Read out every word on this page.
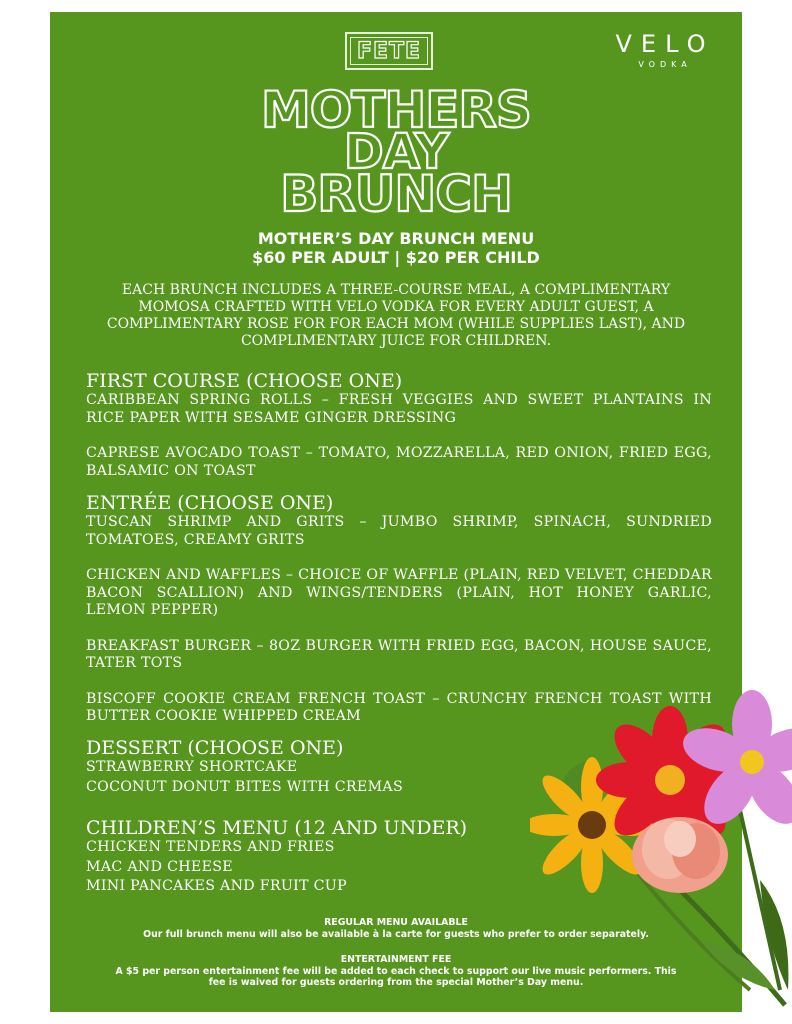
FETE	VELO
VODKA
MOTHERS
DAY
BRUNCH
MOTHER’S DAY BRUNCH MENU
$60 PER ADULT | $20 PER CHILD
EACH BRUNCH INCLUDES A THREE-COURSE MEAL, A COMPLIMENTARY MOMOSA CRAFTED WITH VELO VODKA FOR EVERY ADULT GUEST, A COMPLIMENTARY ROSE FOR FOR EACH MOM (WHILE SUPPLIES LAST), AND COMPLIMENTARY JUICE FOR CHILDREN.
FIRST COURSE (CHOOSE ONE)
CARIBBEAN SPRING ROLLS – FRESH VEGGIES AND SWEET PLANTAINS IN RICE PAPER WITH SESAME GINGER DRESSING
CAPRESE AVOCADO TOAST – TOMATO, MOZZARELLA, RED ONION, FRIED EGG, BALSAMIC ON TOAST
ENTRÉE (CHOOSE ONE)
TUSCAN SHRIMP AND GRITS – JUMBO SHRIMP, SPINACH, SUNDRIED TOMATOES, CREAMY GRITS
CHICKEN AND WAFFLES – CHOICE OF WAFFLE (PLAIN, RED VELVET, CHEDDAR BACON SCALLION) AND WINGS/TENDERS (PLAIN, HOT HONEY GARLIC, LEMON PEPPER)
BREAKFAST BURGER – 8OZ BURGER WITH FRIED EGG, BACON, HOUSE SAUCE, TATER TOTS
BISCOFF COOKIE CREAM FRENCH TOAST – CRUNCHY FRENCH TOAST WITH BUTTER COOKIE WHIPPED CREAM
DESSERT (CHOOSE ONE)
STRAWBERRY SHORTCAKE
COCONUT DONUT BITES WITH CREMAS
CHILDREN’S MENU (12 AND UNDER)
CHICKEN TENDERS AND FRIES
MAC AND CHEESE
MINI PANCAKES AND FRUIT CUP
REGULAR MENU AVAILABLE
Our full brunch menu will also be available à la carte for guests who prefer to order separately.
ENTERTAINMENT FEE
A $5 per person entertainment fee will be added to each check to support our live music performers. This fee is waived for guests ordering from the special Mother’s Day menu.
